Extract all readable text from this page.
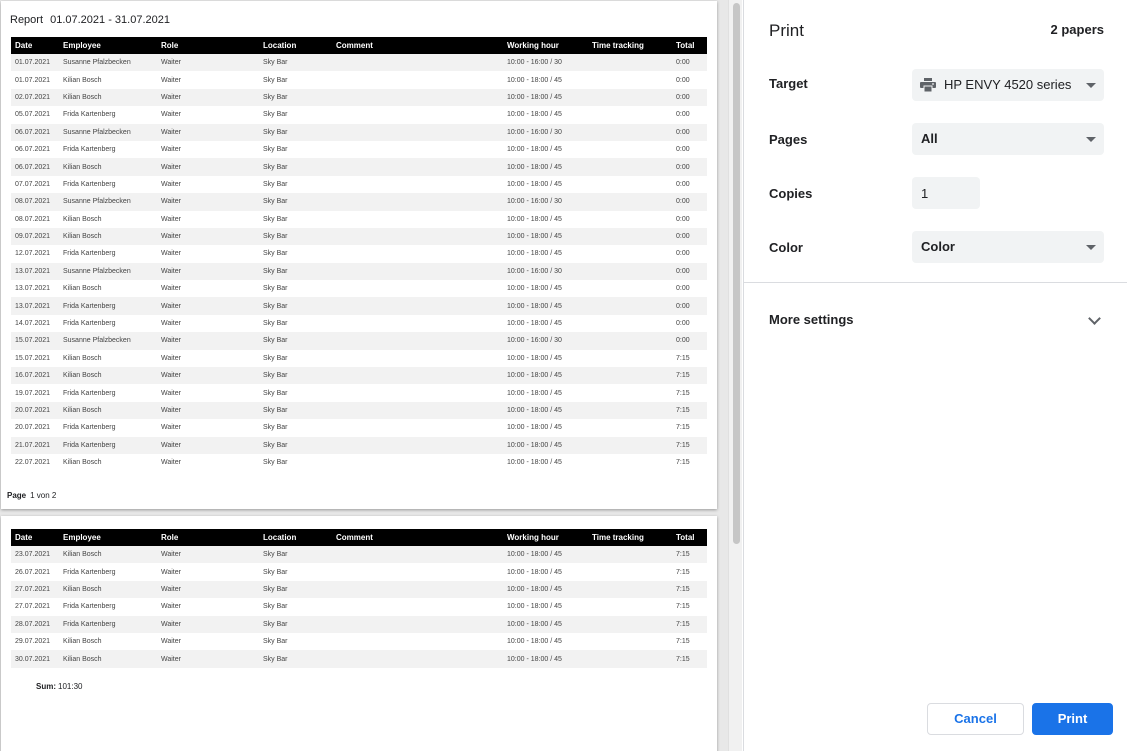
Report 01.07.2021 - 31.07.2021
Date	Employee	Role	Location	Comment	Working hour	Time tracking	Total
01.07.2021	Susanne Pfalzbecken	Waiter	Sky Bar		10:00 - 16:00 / 30		0:00
01.07.2021	Kilian Bosch	Waiter	Sky Bar		10:00 - 18:00 / 45		0:00
02.07.2021	Kilian Bosch	Waiter	Sky Bar		10:00 - 18:00 / 45		0:00
05.07.2021	Frida Kartenberg	Waiter	Sky Bar		10:00 - 18:00 / 45		0:00
06.07.2021	Susanne Pfalzbecken	Waiter	Sky Bar		10:00 - 16:00 / 30		0:00
06.07.2021	Frida Kartenberg	Waiter	Sky Bar		10:00 - 18:00 / 45		0:00
06.07.2021	Kilian Bosch	Waiter	Sky Bar		10:00 - 18:00 / 45		0:00
07.07.2021	Frida Kartenberg	Waiter	Sky Bar		10:00 - 18:00 / 45		0:00
08.07.2021	Susanne Pfalzbecken	Waiter	Sky Bar		10:00 - 16:00 / 30		0:00
08.07.2021	Kilian Bosch	Waiter	Sky Bar		10:00 - 18:00 / 45		0:00
09.07.2021	Kilian Bosch	Waiter	Sky Bar		10:00 - 18:00 / 45		0:00
12.07.2021	Frida Kartenberg	Waiter	Sky Bar		10:00 - 18:00 / 45		0:00
13.07.2021	Susanne Pfalzbecken	Waiter	Sky Bar		10:00 - 16:00 / 30		0:00
13.07.2021	Kilian Bosch	Waiter	Sky Bar		10:00 - 18:00 / 45		0:00
13.07.2021	Frida Kartenberg	Waiter	Sky Bar		10:00 - 18:00 / 45		0:00
14.07.2021	Frida Kartenberg	Waiter	Sky Bar		10:00 - 18:00 / 45		0:00
15.07.2021	Susanne Pfalzbecken	Waiter	Sky Bar		10:00 - 16:00 / 30		0:00
15.07.2021	Kilian Bosch	Waiter	Sky Bar		10:00 - 18:00 / 45		7:15
16.07.2021	Kilian Bosch	Waiter	Sky Bar		10:00 - 18:00 / 45		7:15
19.07.2021	Frida Kartenberg	Waiter	Sky Bar		10:00 - 18:00 / 45		7:15
20.07.2021	Kilian Bosch	Waiter	Sky Bar		10:00 - 18:00 / 45		7:15
20.07.2021	Frida Kartenberg	Waiter	Sky Bar		10:00 - 18:00 / 45		7:15
21.07.2021	Frida Kartenberg	Waiter	Sky Bar		10:00 - 18:00 / 45		7:15
22.07.2021	Kilian Bosch	Waiter	Sky Bar		10:00 - 18:00 / 45		7:15
Page 1 von 2
Date	Employee	Role	Location	Comment	Working hour	Time tracking	Total
23.07.2021	Kilian Bosch	Waiter	Sky Bar		10:00 - 18:00 / 45		7:15
26.07.2021	Frida Kartenberg	Waiter	Sky Bar		10:00 - 18:00 / 45		7:15
27.07.2021	Kilian Bosch	Waiter	Sky Bar		10:00 - 18:00 / 45		7:15
27.07.2021	Frida Kartenberg	Waiter	Sky Bar		10:00 - 18:00 / 45		7:15
28.07.2021	Frida Kartenberg	Waiter	Sky Bar		10:00 - 18:00 / 45		7:15
29.07.2021	Kilian Bosch	Waiter	Sky Bar		10:00 - 18:00 / 45		7:15
30.07.2021	Kilian Bosch	Waiter	Sky Bar		10:00 - 18:00 / 45		7:15
Sum: 101:30
Print	2 papers
Target	HP ENVY 4520 series
Pages	All
Copies	1
Color	Color
More settings
Cancel	Print
